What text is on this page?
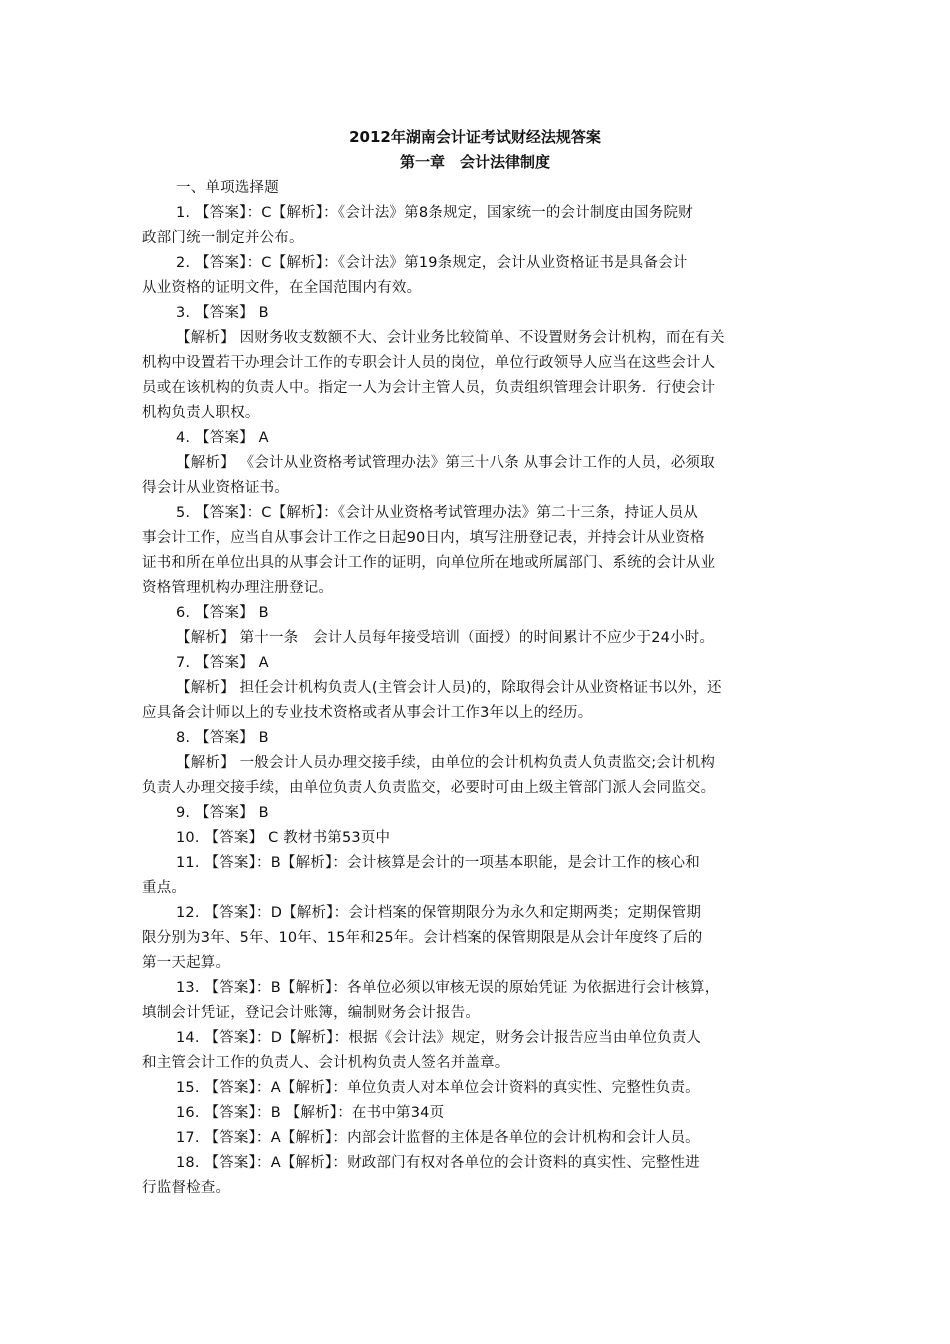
2012年湖南会计证考试财经法规答案
第一章　会计法律制度
一、单项选择题
1. 【答案】：C【解析】：《会计法》第8条规定，国家统一的会计制度由国务院财
政部门统一制定并公布。
2. 【答案】：C【解析】：《会计法》第19条规定，会计从业资格证书是具备会计
从业资格的证明文件，在全国范围内有效。
3. 【答案】 B
【解析】 因财务收支数额不大、会计业务比较简单、不设置财务会计机构，而在有关
机构中设置若干办理会计工作的专职会计人员的岗位，单位行政领导人应当在这些会计人
员或在该机构的负责人中。指定一人为会计主管人员，负责组织管理会计职务．行使会计
机构负责人职权。
4. 【答案】 A
【解析】 《会计从业资格考试管理办法》第三十八条 从事会计工作的人员，必须取
得会计从业资格证书。
5. 【答案】：C【解析】：《会计从业资格考试管理办法》第二十三条，持证人员从
事会计工作，应当自从事会计工作之日起90日内，填写注册登记表，并持会计从业资格
证书和所在单位出具的从事会计工作的证明，向单位所在地或所属部门、系统的会计从业
资格管理机构办理注册登记。
6. 【答案】 B
【解析】 第十一条　会计人员每年接受培训（面授）的时间累计不应少于24小时。
7. 【答案】 A
【解析】 担任会计机构负责人(主管会计人员)的，除取得会计从业资格证书以外，还
应具备会计师以上的专业技术资格或者从事会计工作3年以上的经历。
8. 【答案】 B
【解析】 一般会计人员办理交接手续，由单位的会计机构负责人负责监交;会计机构
负责人办理交接手续，由单位负责人负责监交，必要时可由上级主管部门派人会同监交。
9. 【答案】 B
10. 【答案】 C 教材书第53页中
11. 【答案】：B【解析】：会计核算是会计的一项基本职能，是会计工作的核心和
重点。
12. 【答案】：D【解析】：会计档案的保管期限分为永久和定期两类；定期保管期
限分别为3年、5年、10年、15年和25年。会计档案的保管期限是从会计年度终了后的
第一天起算。
13. 【答案】：B【解析】：各单位必须以审核无误的原始凭证 为依据进行会计核算，
填制会计凭证，登记会计账簿，编制财务会计报告。
14. 【答案】：D【解析】：根据《会计法》规定，财务会计报告应当由单位负责人
和主管会计工作的负责人、会计机构负责人签名并盖章。
15. 【答案】：A【解析】：单位负责人对本单位会计资料的真实性、完整性负责。
16. 【答案】：B 【解析】：在书中第34页
17. 【答案】：A【解析】：内部会计监督的主体是各单位的会计机构和会计人员。
18. 【答案】：A【解析】：财政部门有权对各单位的会计资料的真实性、完整性进
行监督检查。
